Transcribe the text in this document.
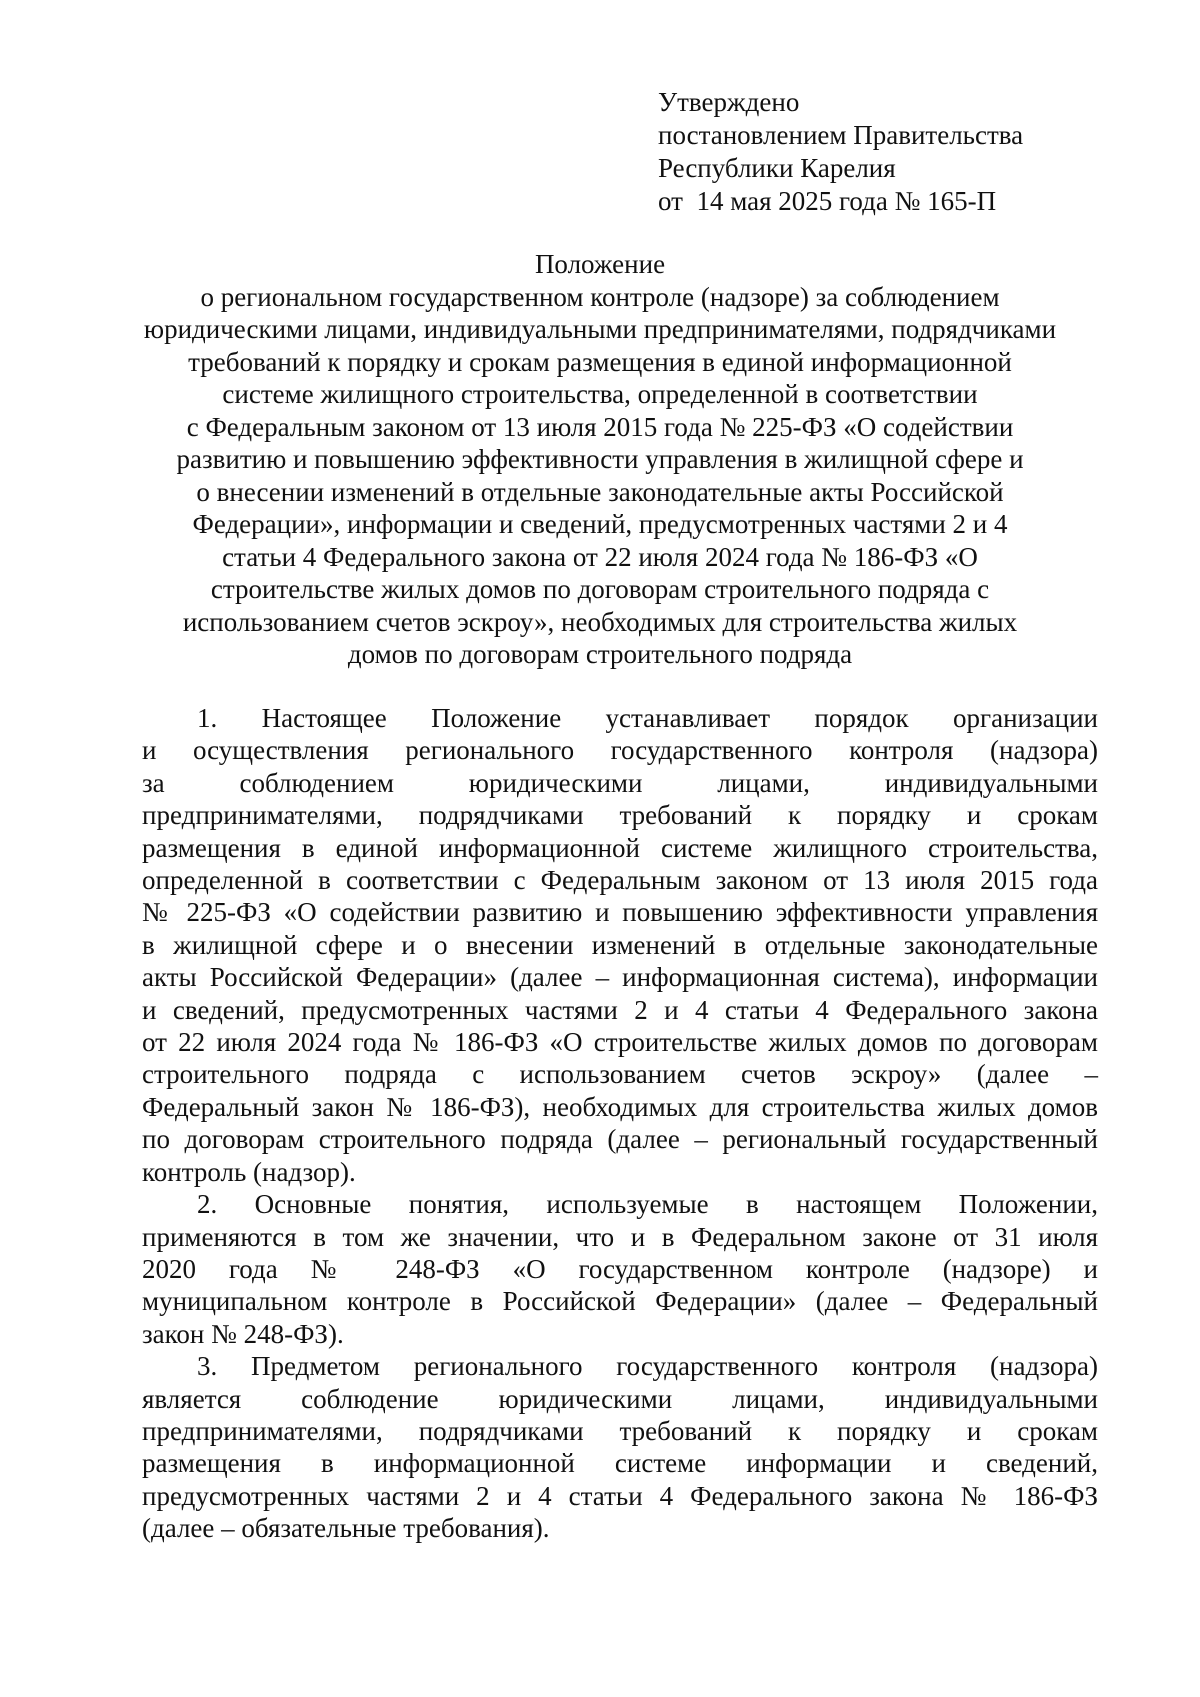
Утверждено
постановлением Правительства
Республики Карелия
от  14 мая 2025 года № 165-П
Положение
о региональном государственном контроле (надзоре) за соблюдением
юридическими лицами, индивидуальными предпринимателями, подрядчиками
требований к порядку и срокам размещения в единой информационной
системе жилищного строительства, определенной в соответствии
с Федеральным законом от 13 июля 2015 года № 225-ФЗ «О содействии
развитию и повышению эффективности управления в жилищной сфере и
о внесении изменений в отдельные законодательные акты Российской
Федерации», информации и сведений, предусмотренных частями 2 и 4
статьи 4 Федерального закона от 22 июля 2024 года № 186-ФЗ «О
строительстве жилых домов по договорам строительного подряда с
использованием счетов эскроу», необходимых для строительства жилых
домов по договорам строительного подряда

1. Настоящее Положение устанавливает порядок организации
и осуществления регионального государственного контроля (надзора)
за соблюдением юридическими лицами, индивидуальными
предпринимателями, подрядчиками требований к порядку и срокам
размещения в единой информационной системе жилищного строительства,
определенной в соответствии с Федеральным законом от 13 июля 2015 года
№ 225-ФЗ «О содействии развитию и повышению эффективности управления
в жилищной сфере и о внесении изменений в отдельные законодательные
акты Российской Федерации» (далее – информационная система), информации
и сведений, предусмотренных частями 2 и 4 статьи 4 Федерального закона
от 22 июля 2024 года № 186-ФЗ «О строительстве жилых домов по договорам
строительного подряда с использованием счетов эскроу» (далее –
Федеральный закон № 186-ФЗ), необходимых для строительства жилых домов
по договорам строительного подряда (далее – региональный государственный
контроль (надзор).

2. Основные понятия, используемые в настоящем Положении,
применяются в том же значении, что и в Федеральном законе от 31 июля
2020 года № 248-ФЗ «О государственном контроле (надзоре) и
муниципальном контроле в Российской Федерации» (далее – Федеральный
закон № 248-ФЗ).

3. Предметом регионального государственного контроля (надзора)
является соблюдение юридическими лицами, индивидуальными
предпринимателями, подрядчиками требований к порядку и срокам
размещения в информационной системе информации и сведений,
предусмотренных частями 2 и 4 статьи 4 Федерального закона № 186-ФЗ
(далее – обязательные требования).
